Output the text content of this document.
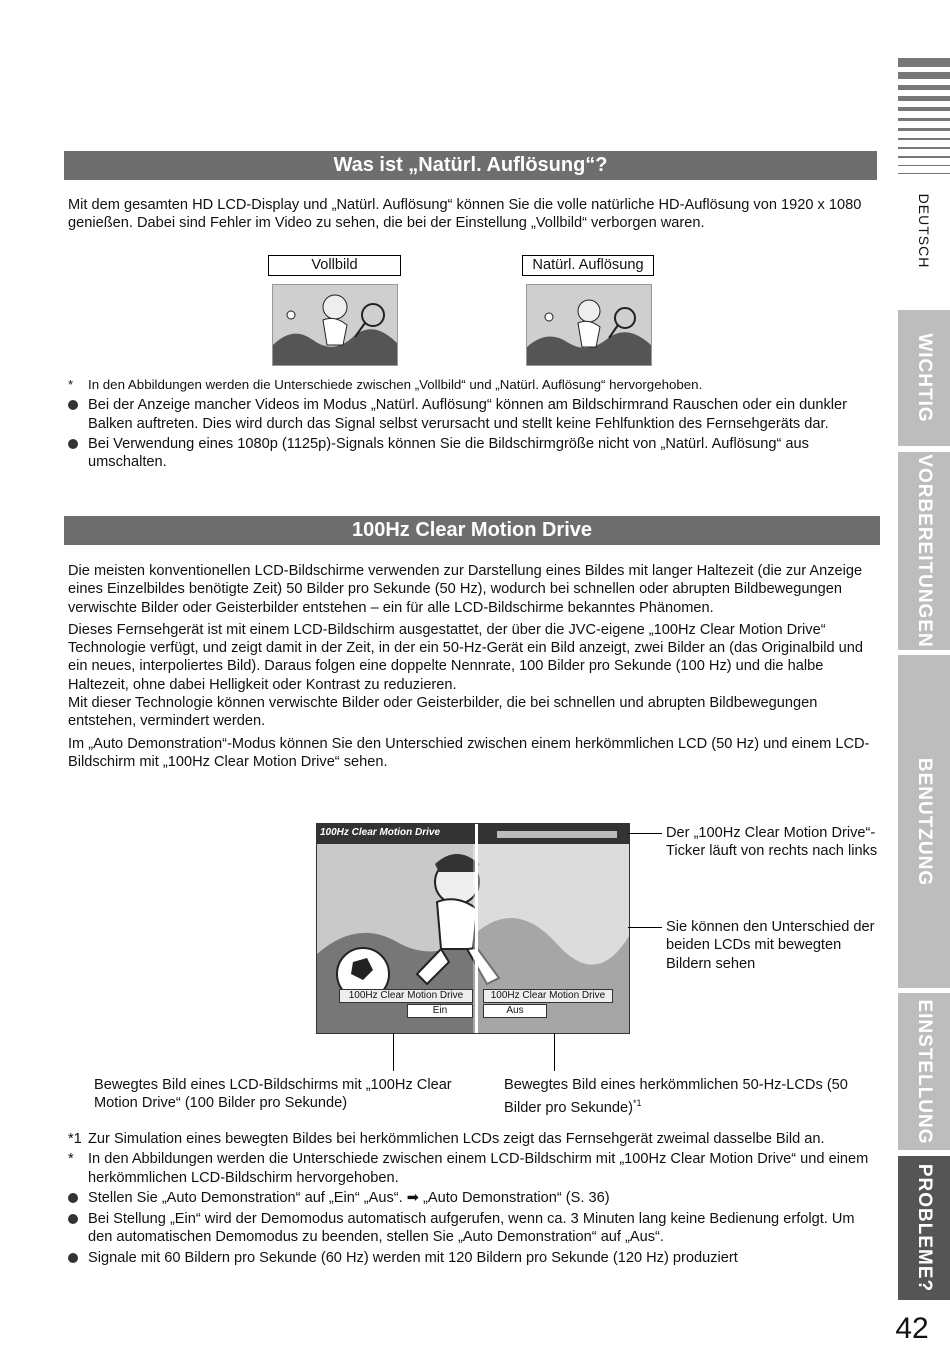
DEUTSCH
WICHTIG
VORBEREITUNGEN
BENUTZUNG
EINSTELLUNG
PROBLEME?
42
Was ist „Natürl. Auflösung“?

Mit dem gesamten HD LCD-Display und „Natürl. Auflösung“ können Sie die volle natürliche HD-Auflösung von 1920 x 1080 genießen. Dabei sind Fehler im Video zu sehen, die bei der Einstellung „Vollbild“ verborgen waren.

Vollbild	Natürl. Auflösung
*	In den Abbildungen werden die Unterschiede zwischen „Vollbild“ und „Natürl. Auflösung“ hervorgehoben.
Bei der Anzeige mancher Videos im Modus „Natürl. Auflösung“ können am Bildschirmrand Rauschen oder ein dunkler Balken auftreten. Dies wird durch das Signal selbst verursacht und stellt keine Fehlfunktion des Fernsehgeräts dar.
Bei Verwendung eines 1080p (1125p)-Signals können Sie die Bildschirmgröße nicht von „Natürl. Auflösung“ aus umschalten.
100Hz Clear Motion Drive

Die meisten konventionellen LCD-Bildschirme verwenden zur Darstellung eines Bildes mit langer Haltezeit (die zur Anzeige eines Einzelbildes benötigte Zeit) 50 Bilder pro Sekunde (50 Hz), wodurch bei schnellen oder abrupten Bildbewegungen verwischte Bilder oder Geisterbilder entstehen – ein für alle LCD-Bildschirme bekanntes Phänomen.

Dieses Fernsehgerät ist mit einem LCD-Bildschirm ausgestattet, der über die JVC-eigene „100Hz Clear Motion Drive“ Technologie verfügt, und zeigt damit in der Zeit, in der ein 50-Hz-Gerät ein Bild anzeigt, zwei Bilder an (das Originalbild und ein neues, interpoliertes Bild). Daraus folgen eine doppelte Nennrate, 100 Bilder pro Sekunde (100 Hz) und die halbe Haltezeit, ohne dabei Helligkeit oder Kontrast zu reduzieren.
Mit dieser Technologie können verwischte Bilder oder Geisterbilder, die bei schnellen und abrupten Bildbewegungen entstehen, vermindert werden.

Im „Auto Demonstration“-Modus können Sie den Unterschied zwischen einem herkömmlichen LCD (50 Hz) und einem LCD-Bildschirm mit „100Hz Clear Motion Drive“ sehen.

100Hz Clear Motion Drive
100Hz Clear Motion Drive
Ein
100Hz Clear Motion Drive
Aus
Der „100Hz Clear Motion Drive“-Ticker läuft von rechts nach links
Sie können den Unterschied der beiden LCDs mit bewegten Bildern sehen
Bewegtes Bild eines LCD-Bildschirms mit „100Hz Clear Motion Drive“ (100 Bilder pro Sekunde)
Bewegtes Bild eines herkömmlichen 50-Hz-LCDs (50 Bilder pro Sekunde)$^{*1}$
*1 Zur Simulation eines bewegten Bildes bei herkömmlichen LCDs zeigt das Fernsehgerät zweimal dasselbe Bild an.
* In den Abbildungen werden die Unterschiede zwischen einem LCD-Bildschirm mit „100Hz Clear Motion Drive“ und einem herkömmlichen LCD-Bildschirm hervorgehoben.
Stellen Sie „Auto Demonstration“ auf „Ein“ „Aus“. ➡ „Auto Demonstration“ (S. 36)
Bei Stellung „Ein“ wird der Demomodus automatisch aufgerufen, wenn ca. 3 Minuten lang keine Bedienung erfolgt. Um den automatischen Demomodus zu beenden, stellen Sie „Auto Demonstration“ auf „Aus“.
Signale mit 60 Bildern pro Sekunde (60 Hz) werden mit 120 Bildern pro Sekunde (120 Hz) produziert
